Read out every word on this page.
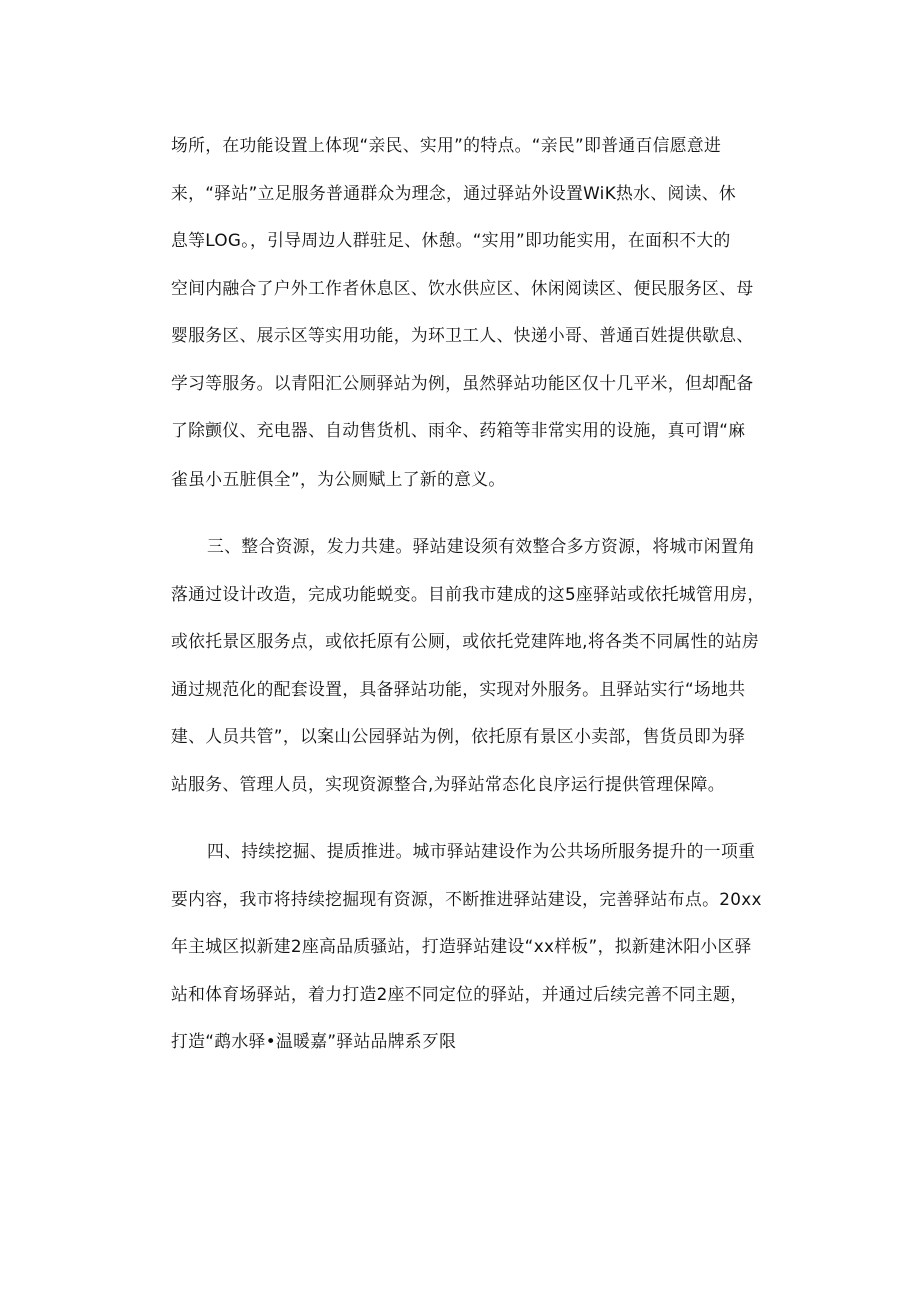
场所，在功能设置上体现“亲民、实用”的特点。“亲民”即普通百信愿意进
来，“驿站”立足服务普通群众为理念，通过驿站外设置WiK热水、阅读、休
息等LOG。，引导周边人群驻足、休憩。“实用”即功能实用，在面积不大的
空间内融合了户外工作者休息区、饮水供应区、休闲阅读区、便民服务区、母
婴服务区、展示区等实用功能，为环卫工人、快递小哥、普通百姓提供歇息、
学习等服务。以青阳汇公厕驿站为例，虽然驿站功能区仅十几平米，但却配备
了除颤仪、充电器、自动售货机、雨伞、药箱等非常实用的设施，真可谓“麻
雀虽小五脏俱全”，为公厕赋上了新的意义。
三、整合资源，发力共建。驿站建设须有效整合多方资源，将城市闲置角
落通过设计改造，完成功能蜕变。目前我市建成的这5座驿站或依托城管用房，
或依托景区服务点，或依托原有公厕，或依托党建阵地,将各类不同属性的站房
通过规范化的配套设置，具备驿站功能，实现对外服务。且驿站实行“场地共
建、人员共管”，以案山公园驿站为例，依托原有景区小卖部，售货员即为驿
站服务、管理人员，实现资源整合,为驿站常态化良序运行提供管理保障。
四、持续挖掘、提质推进。城市驿站建设作为公共场所服务提升的一项重
要内容，我市将持续挖掘现有资源，不断推进驿站建设，完善驿站布点。20xx
年主城区拟新建2座高品质骚站，打造驿站建设“xx样板”，拟新建沐阳小区驿
站和体育场驿站，着力打造2座不同定位的驿站，并通过后续完善不同主题，
打造“鹉水驿•温暖嘉”驿站品牌系歹限
